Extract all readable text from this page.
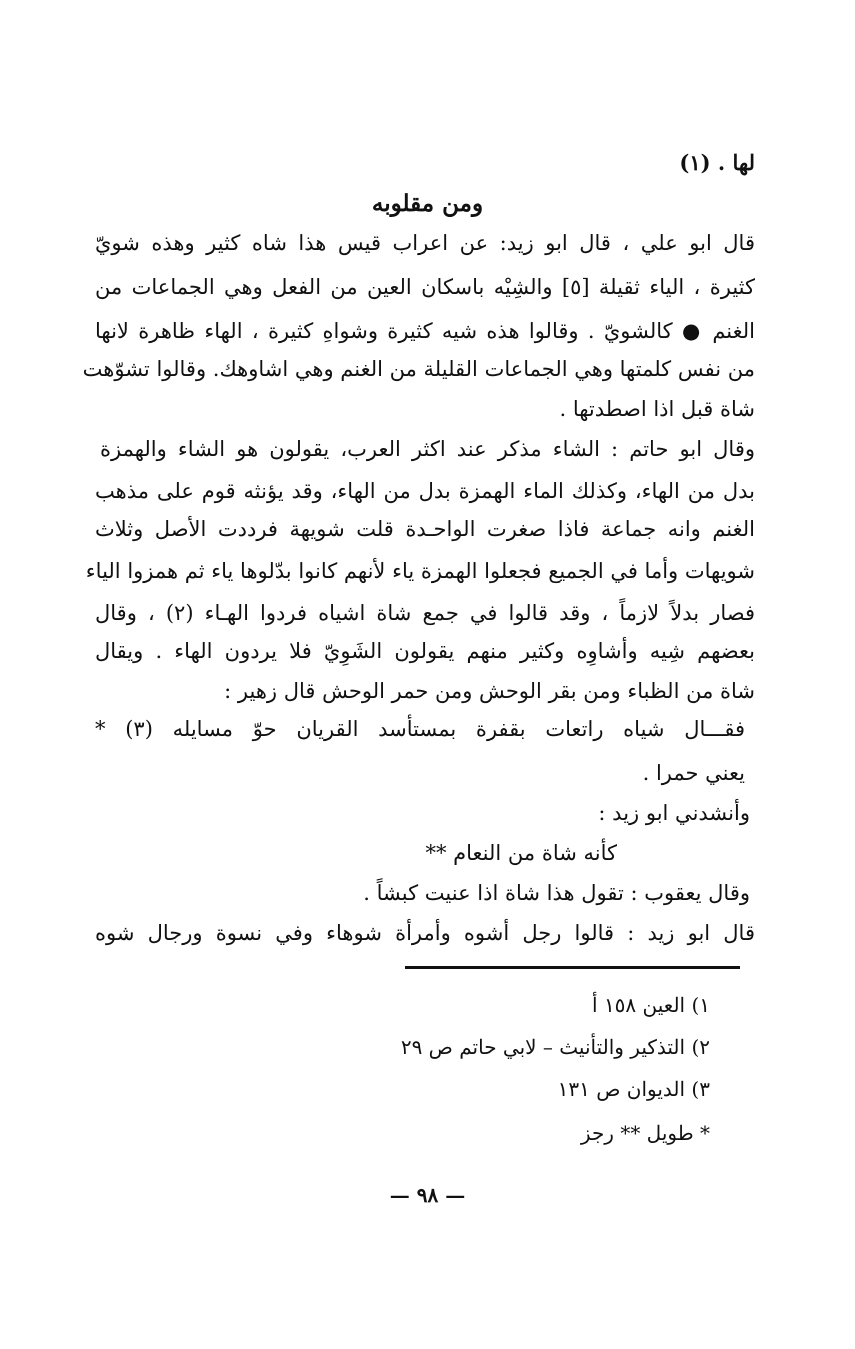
لها . (١)
ومن مقلوبه
قال ابو علي ، قال ابو زيد: عن اعراب قيس هذا شاه كثير وهذه شويّ
كثيرة ، الياء ثقيلة [٥] والشِيْه باسكان العين من الفعل وهي الجماعات من
الغنم ● كالشويّ . وقالوا هذه شيه كثيرة وشواهِ كثيرة ، الهاء ظاهرة لانها
من نفس كلمتها وهي الجماعات القليلة من الغنم وهي اشاوهك. وقالوا تشوّهت
شاة قبل اذا اصطدتها .
وقال ابو حاتم : الشاء مذكر عند اكثر العرب، يقولون هو الشاء والهمزة
بدل من الهاء، وكذلك الماء الهمزة بدل من الهاء، وقد يؤنثه قوم على مذهب
الغنم وانه جماعة فاذا صغرت الواحـدة قلت شويهة فرددت الأصل وثلاث
شويهات وأما في الجميع فجعلوا الهمزة ياء لأنهم كانوا بدّلوها ياء ثم همزوا الياء
فصار بدلاً لازماً ، وقد قالوا في جمع شاة اشياه فردوا الهـاء (٢) ، وقال
بعضهم شِيه وأشاوِه وكثير منهم يقولون الشَوِيّ فلا يردون الهاء . ويقال
شاة من الظباء ومن بقر الوحش ومن حمر الوحش قال زهير :
فقـــال شياه راتعات بقفرة بمستأسد القريان حوّ مسايله (٣) *
يعني حمرا .
وأنشدني ابو زيد :
كأنه شاة من النعام **
وقال يعقوب : تقول هذا شاة اذا عنيت كبشاً .
قال ابو زيد : قالوا رجل أشوه وأمرأة شوهاء وفي نسوة ورجال شوه
١) العين ١٥٨ أ
٢) التذكير والتأنيث – لابي حاتم ص ٢٩
٣) الديوان ص ١٣١
* طويل ** رجز
— ٩٨ —
